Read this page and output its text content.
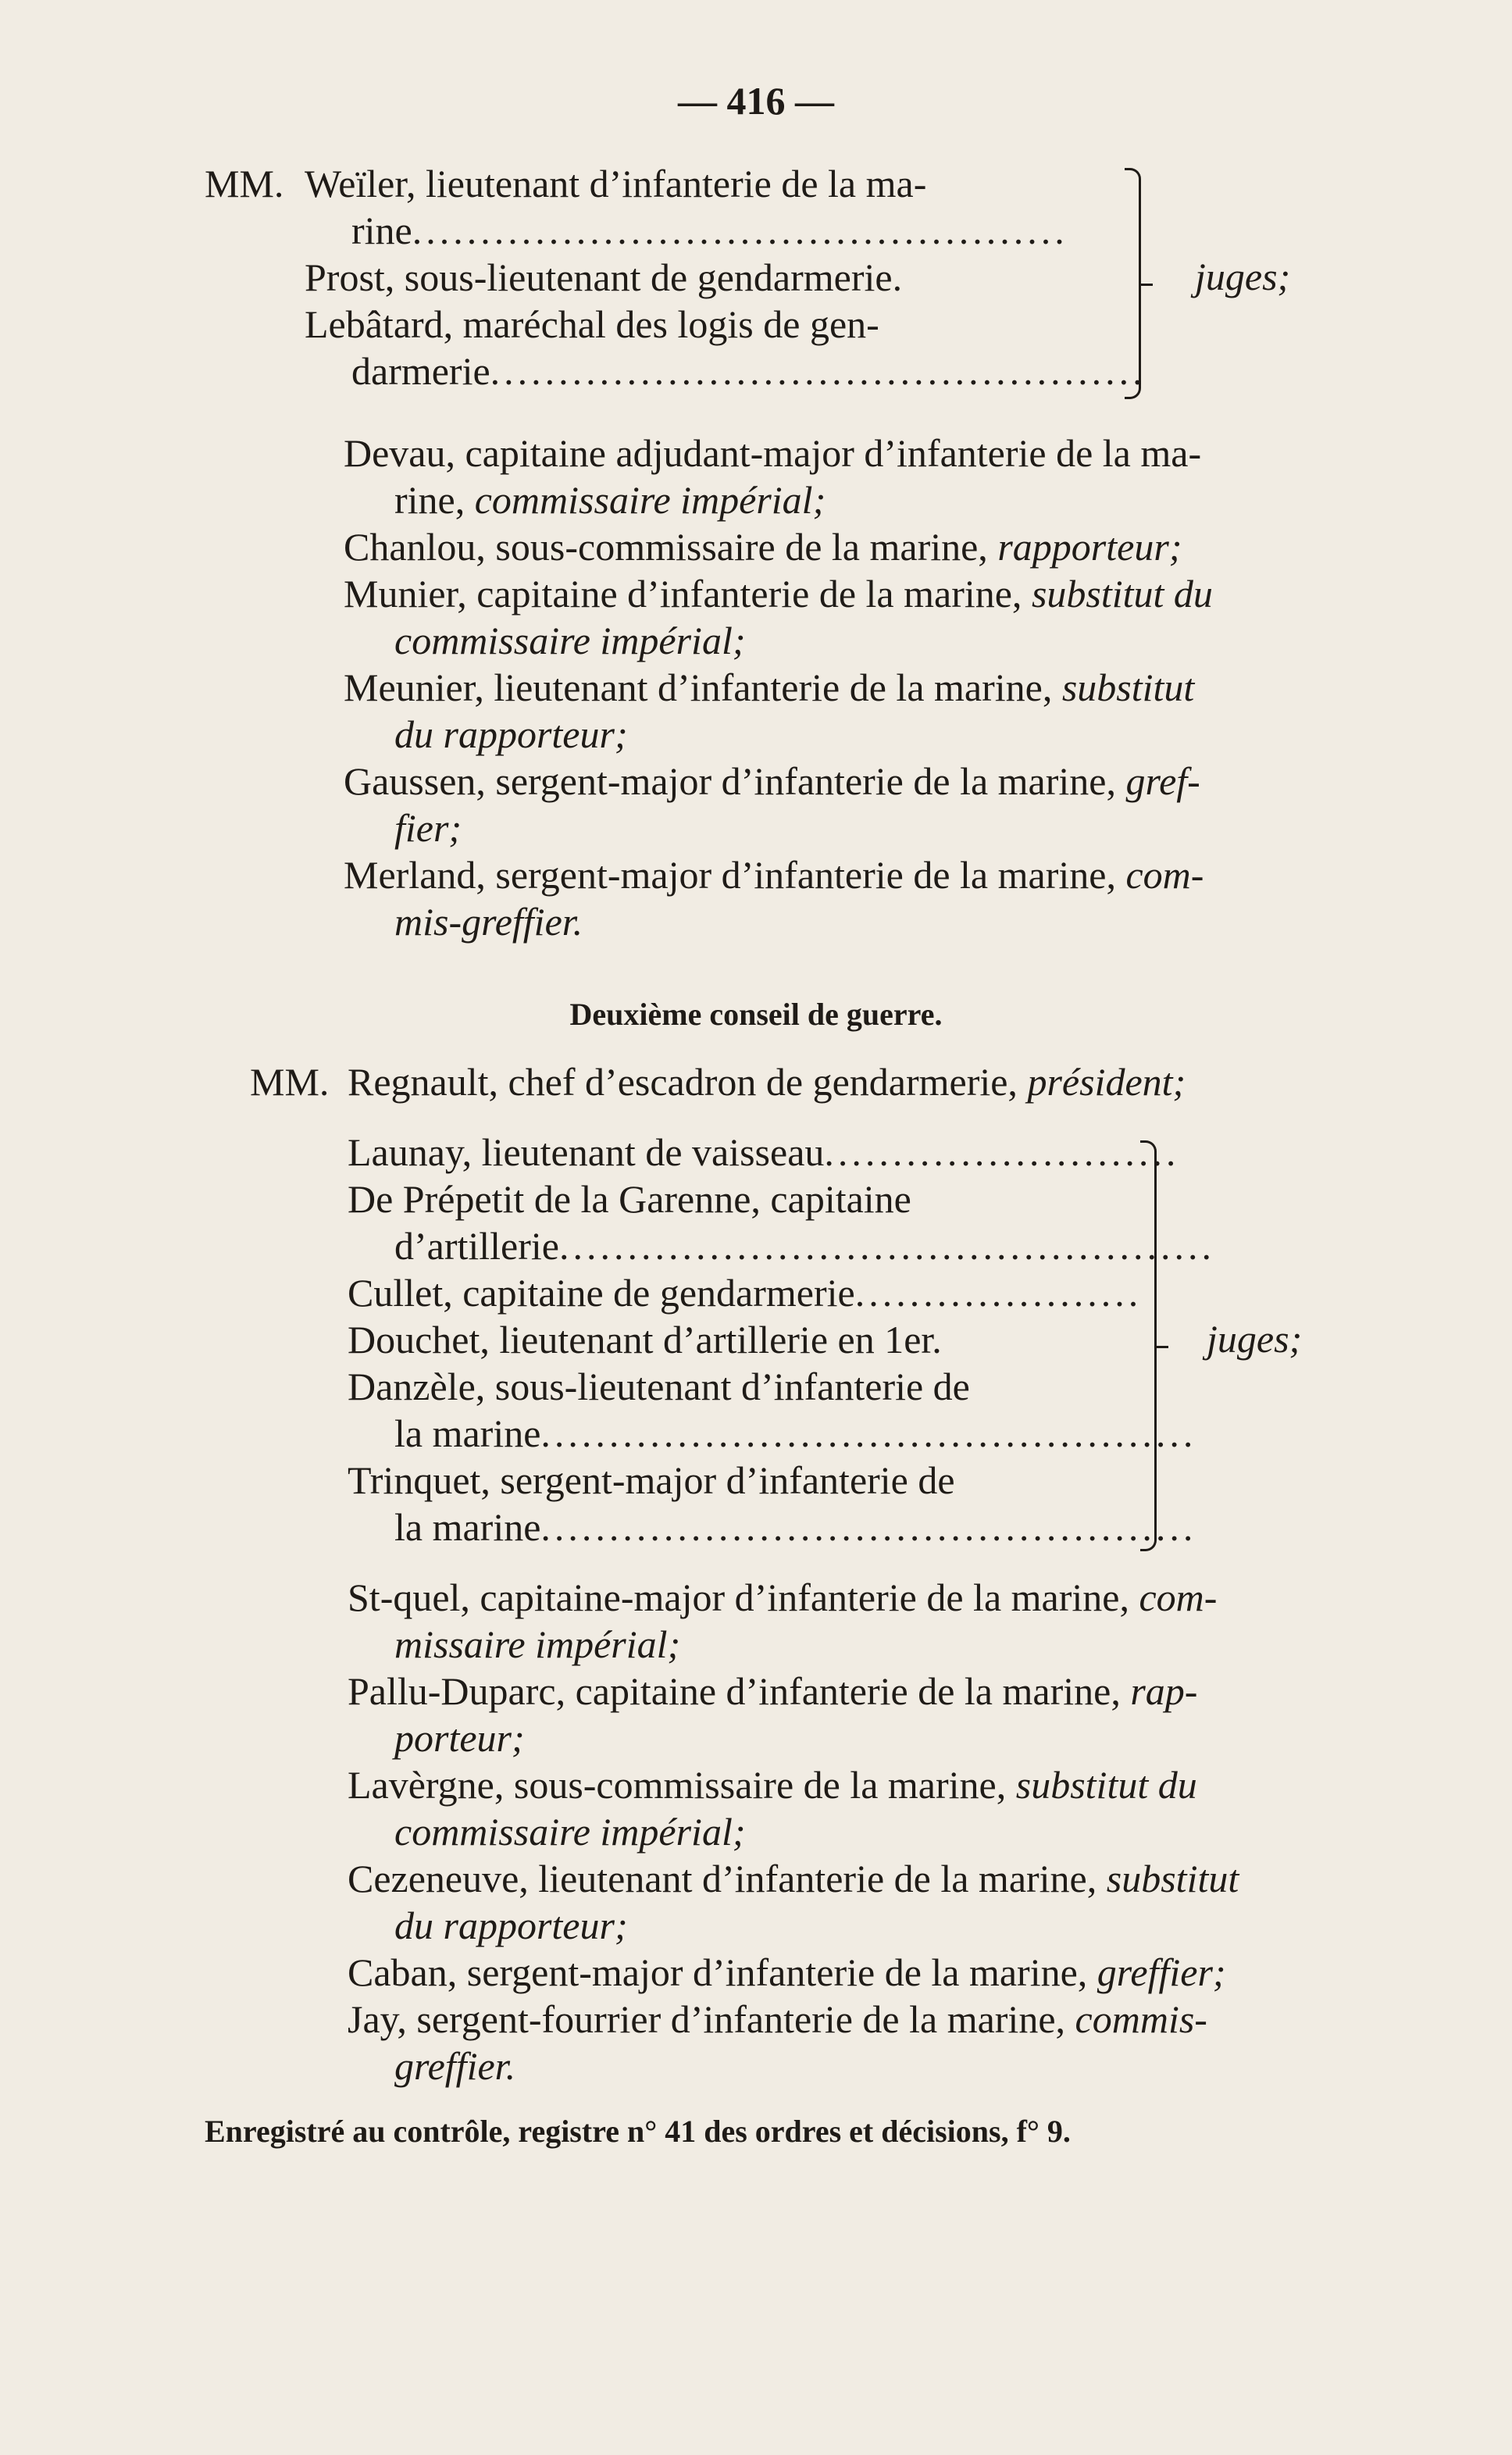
— 416 —
MM. Weïler, lieutenant d’infanterie de la ma-
rine................................................
Prost, sous-lieutenant de gendarmerie.
Lebâtard, maréchal des logis de gen-
darmerie................................................
juges;
Devau, capitaine adjudant-major d’infanterie de la ma-
rine, commissaire impérial;
Chanlou, sous-commissaire de la marine, rapporteur;
Munier, capitaine d’infanterie de la marine, substitut du
commissaire impérial;
Meunier, lieutenant d’infanterie de la marine, substitut
du rapporteur;
Gaussen, sergent-major d’infanterie de la marine, gref-
fier;
Merland, sergent-major d’infanterie de la marine, com-
mis-greffier.
Deuxième conseil de guerre.
MM. Regnault, chef d’escadron de gendarmerie, président;
Launay, lieutenant de vaisseau..........................
De Prépetit de la Garenne, capitaine
d’artillerie................................................
Cullet, capitaine de gendarmerie.....................
Douchet, lieutenant d’artillerie en 1er.
Danzèle, sous-lieutenant d’infanterie de
la marine................................................
Trinquet, sergent-major d’infanterie de
la marine................................................
juges;
St-quel, capitaine-major d’infanterie de la marine, com-
missaire impérial;
Pallu-Duparc, capitaine d’infanterie de la marine, rap-
porteur;
Lavèrgne, sous-commissaire de la marine, substitut du
commissaire impérial;
Cezeneuve, lieutenant d’infanterie de la marine, substitut
du rapporteur;
Caban, sergent-major d’infanterie de la marine, greffier;
Jay, sergent-fourrier d’infanterie de la marine, commis-
greffier.
Enregistré au contrôle, registre n° 41 des ordres et décisions, f° 9.
